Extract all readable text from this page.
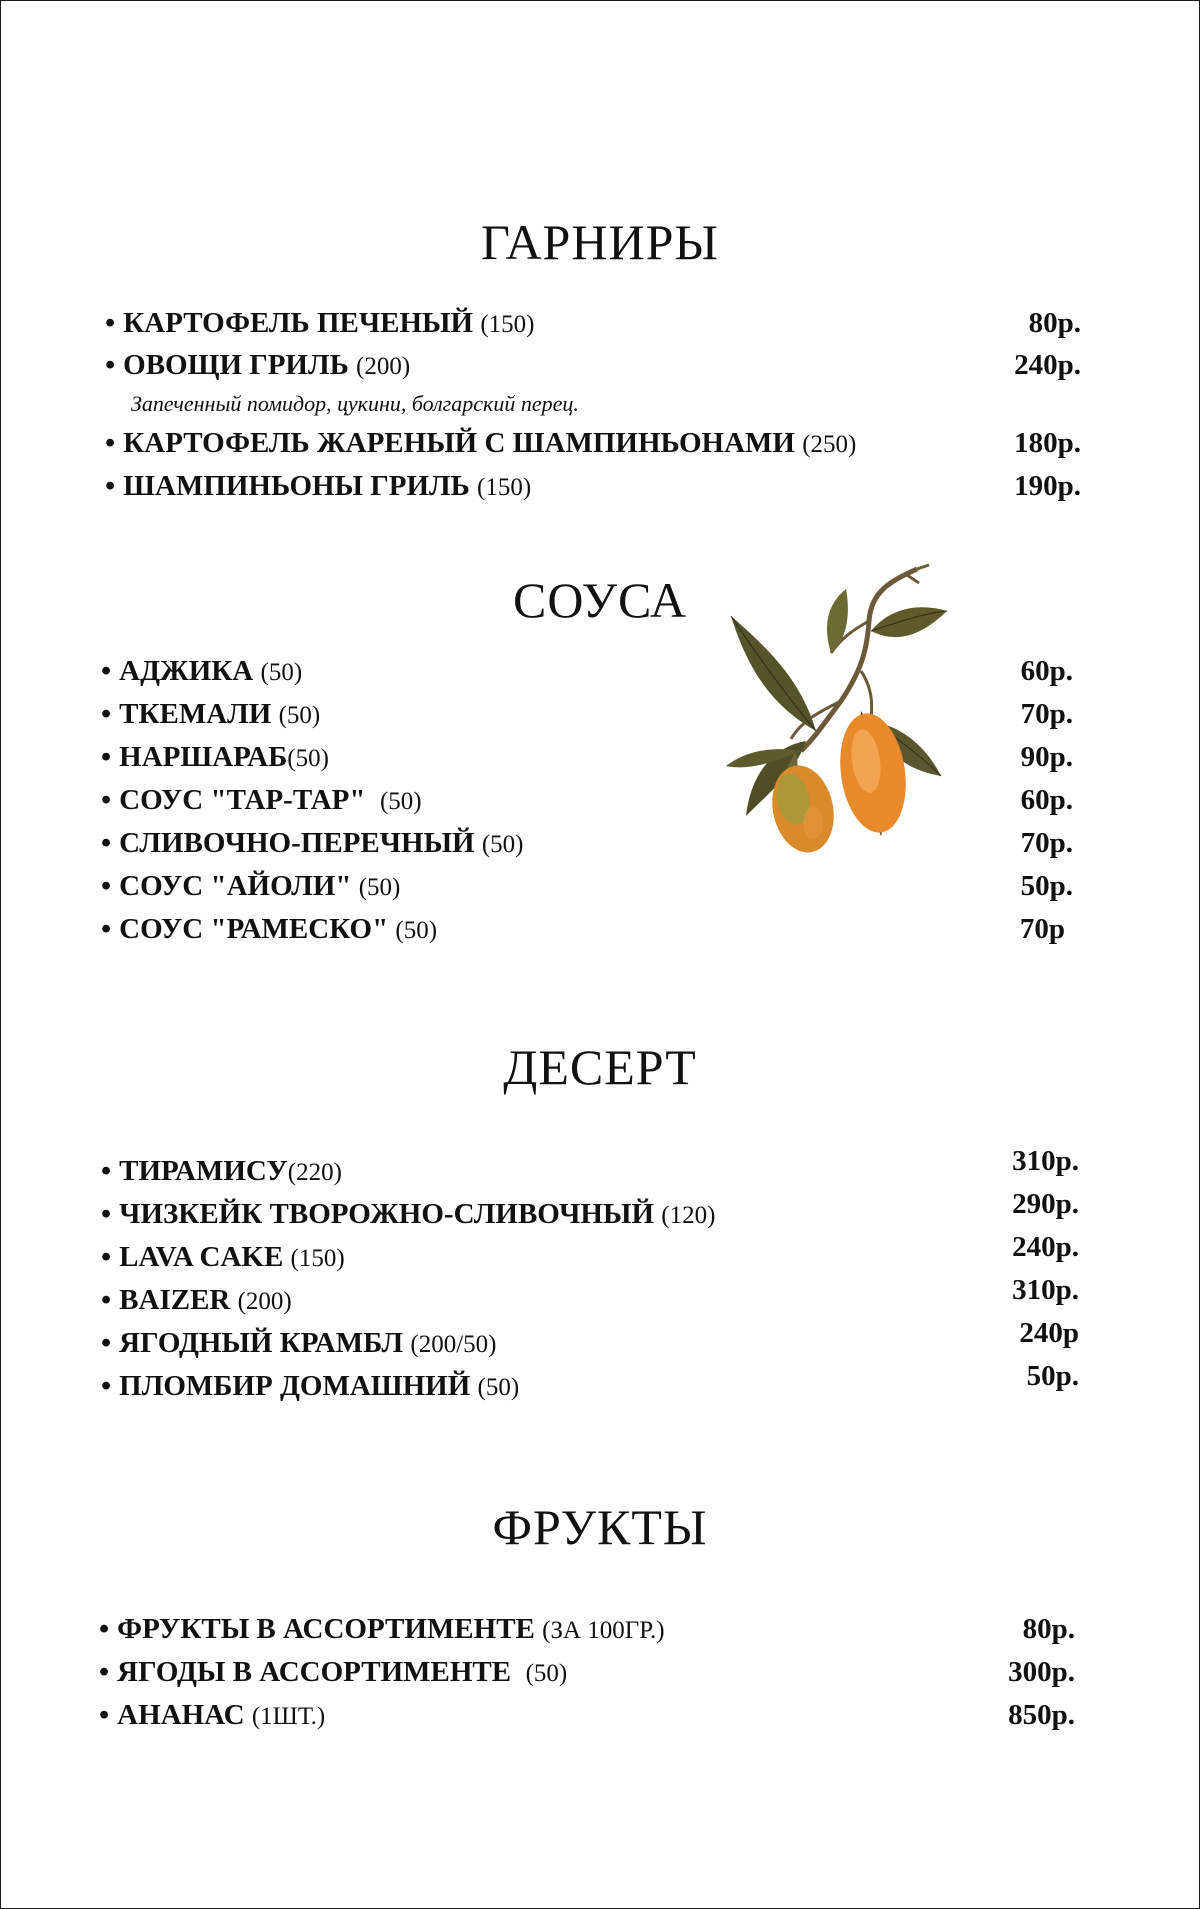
ГАРНИРЫ
• КАРТОФЕЛЬ ПЕЧЕНЫЙ (150)	80р.
• ОВОЩИ ГРИЛЬ (200)	240р.
Запеченный помидор, цукини, болгарский перец.
• КАРТОФЕЛЬ ЖАРЕНЫЙ С ШАМПИНЬОНАМИ (250)	180р.
• ШАМПИНЬОНЫ ГРИЛЬ (150)	190р.
СОУСА
• АДЖИКА (50)	60р.
• ТКЕМАЛИ (50)	70р.
• НАРШАРАБ(50)	90р.
• СОУС "ТАР-ТАР" (50)	60р.
• СЛИВОЧНО-ПЕРЕЧНЫЙ (50)	70р.
• СОУС "АЙОЛИ" (50)	50р.
• СОУС "РАМЕСКО" (50)	70р
ДЕСЕРТ
• ТИРАМИСУ(220)	310р.
• ЧИЗКЕЙК ТВОРОЖНО-СЛИВОЧНЫЙ (120)	290р.
• LAVA CAKE (150)	240р.
• BAIZER (200)	310р.
• ЯГОДНЫЙ КРАМБЛ (200/50)	240р
• ПЛОМБИР ДОМАШНИЙ (50)	50р.
ФРУКТЫ
• ФРУКТЫ В АССОРТИМЕНТЕ (ЗА 100ГР.)	80р.
• ЯГОДЫ В АССОРТИМЕНТЕ (50)	300р.
• АНАНАС (1ШТ.)	850р.
